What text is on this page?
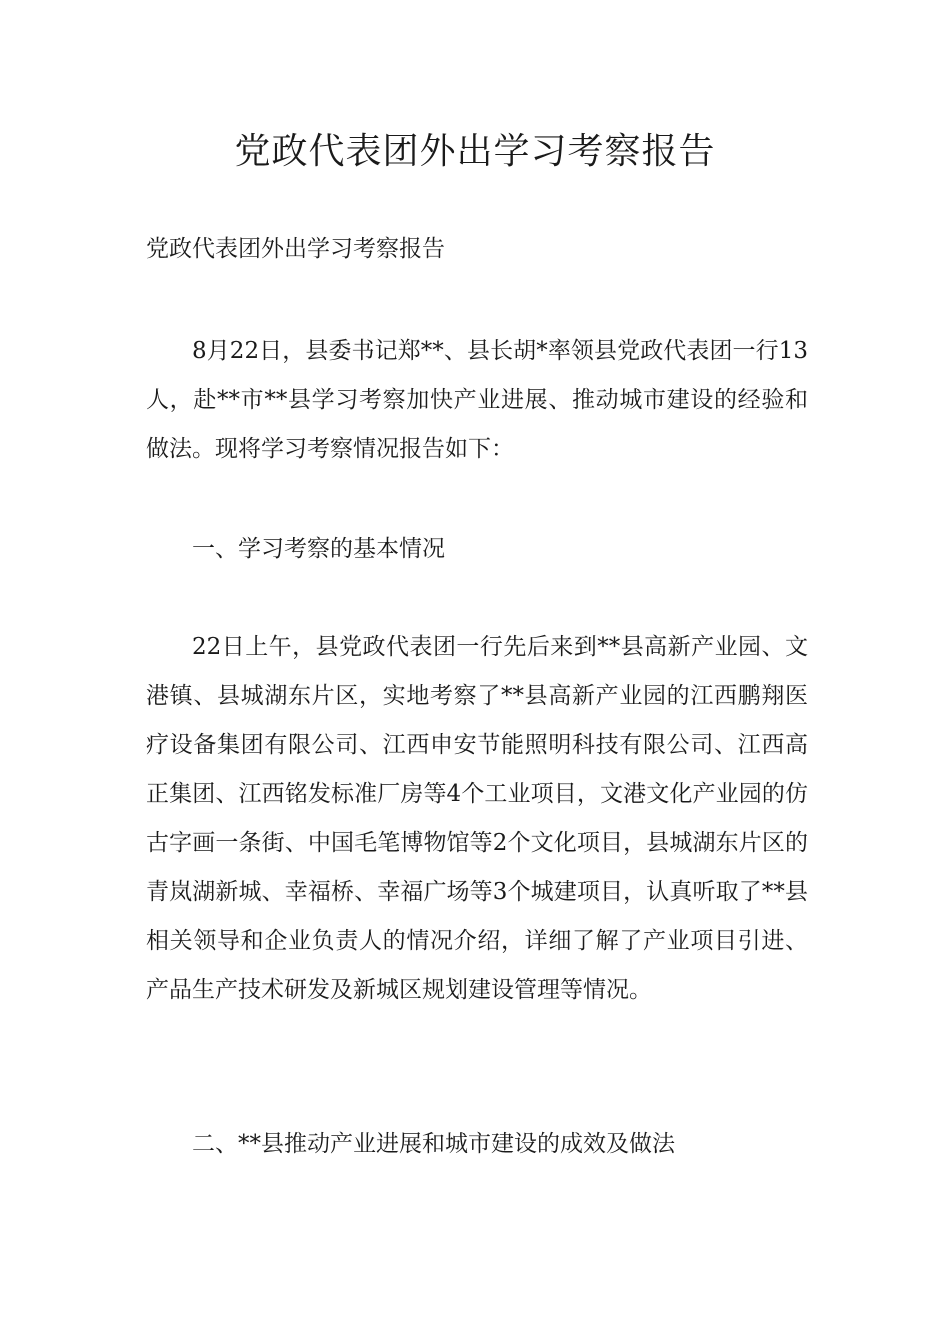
党政代表团外出学习考察报告

党政代表团外出学习考察报告

8月22日，县委书记郑**、县长胡*率领县党政代表团一行13人，赴**市**县学习考察加快产业进展、推动城市建设的经验和做法。现将学习考察情况报告如下：

一、学习考察的基本情况

22日上午，县党政代表团一行先后来到**县高新产业园、文港镇、县城湖东片区，实地考察了**县高新产业园的江西鹏翔医疗设备集团有限公司、江西申安节能照明科技有限公司、江西高正集团、江西铭发标准厂房等4个工业项目，文港文化产业园的仿古字画一条街、中国毛笔博物馆等2个文化项目，县城湖东片区的青岚湖新城、幸福桥、幸福广场等3个城建项目，认真听取了**县相关领导和企业负责人的情况介绍，详细了解了产业项目引进、产品生产技术研发及新城区规划建设管理等情况。

二、**县推动产业进展和城市建设的成效及做法
